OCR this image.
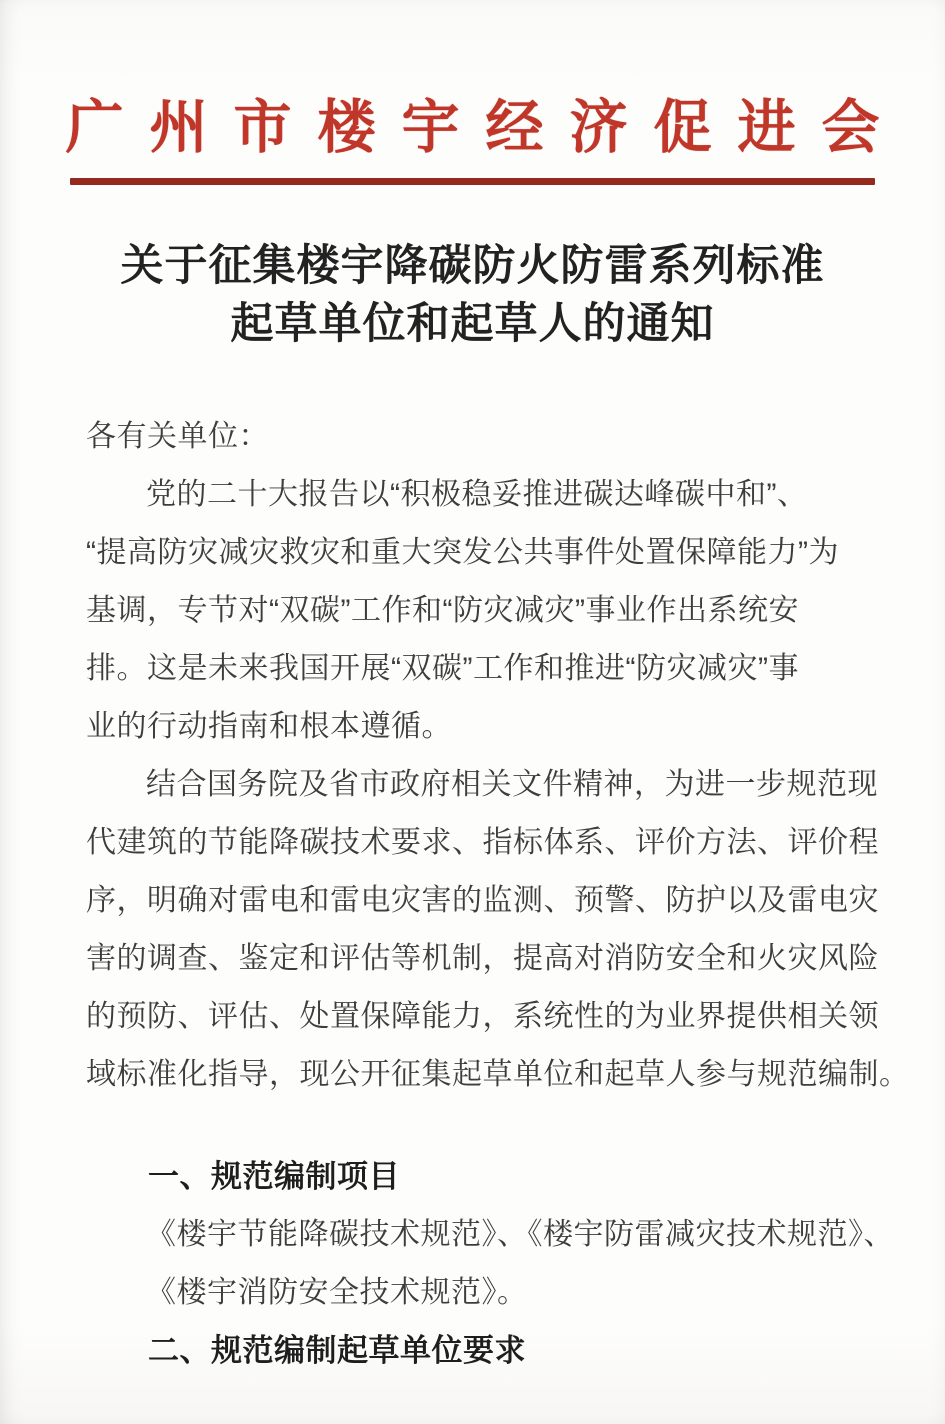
广州市楼宇经济促进会
关于征集楼宇降碳防火防雷系列标准
起草单位和起草人的通知
各有关单位：
党的二十大报告以“积极稳妥推进碳达峰碳中和”、
“提高防灾减灾救灾和重大突发公共事件处置保障能力”为
基调，专节对“双碳”工作和“防灾减灾”事业作出系统安
排。这是未来我国开展“双碳”工作和推进“防灾减灾”事
业的行动指南和根本遵循。
结合国务院及省市政府相关文件精神，为进一步规范现
代建筑的节能降碳技术要求、指标体系、评价方法、评价程
序，明确对雷电和雷电灾害的监测、预警、防护以及雷电灾
害的调查、鉴定和评估等机制，提高对消防安全和火灾风险
的预防、评估、处置保障能力，系统性的为业界提供相关领
域标准化指导，现公开征集起草单位和起草人参与规范编制。
一、规范编制项目
《楼宇节能降碳技术规范》、《楼宇防雷减灾技术规范》、
《楼宇消防安全技术规范》。
二、规范编制起草单位要求
